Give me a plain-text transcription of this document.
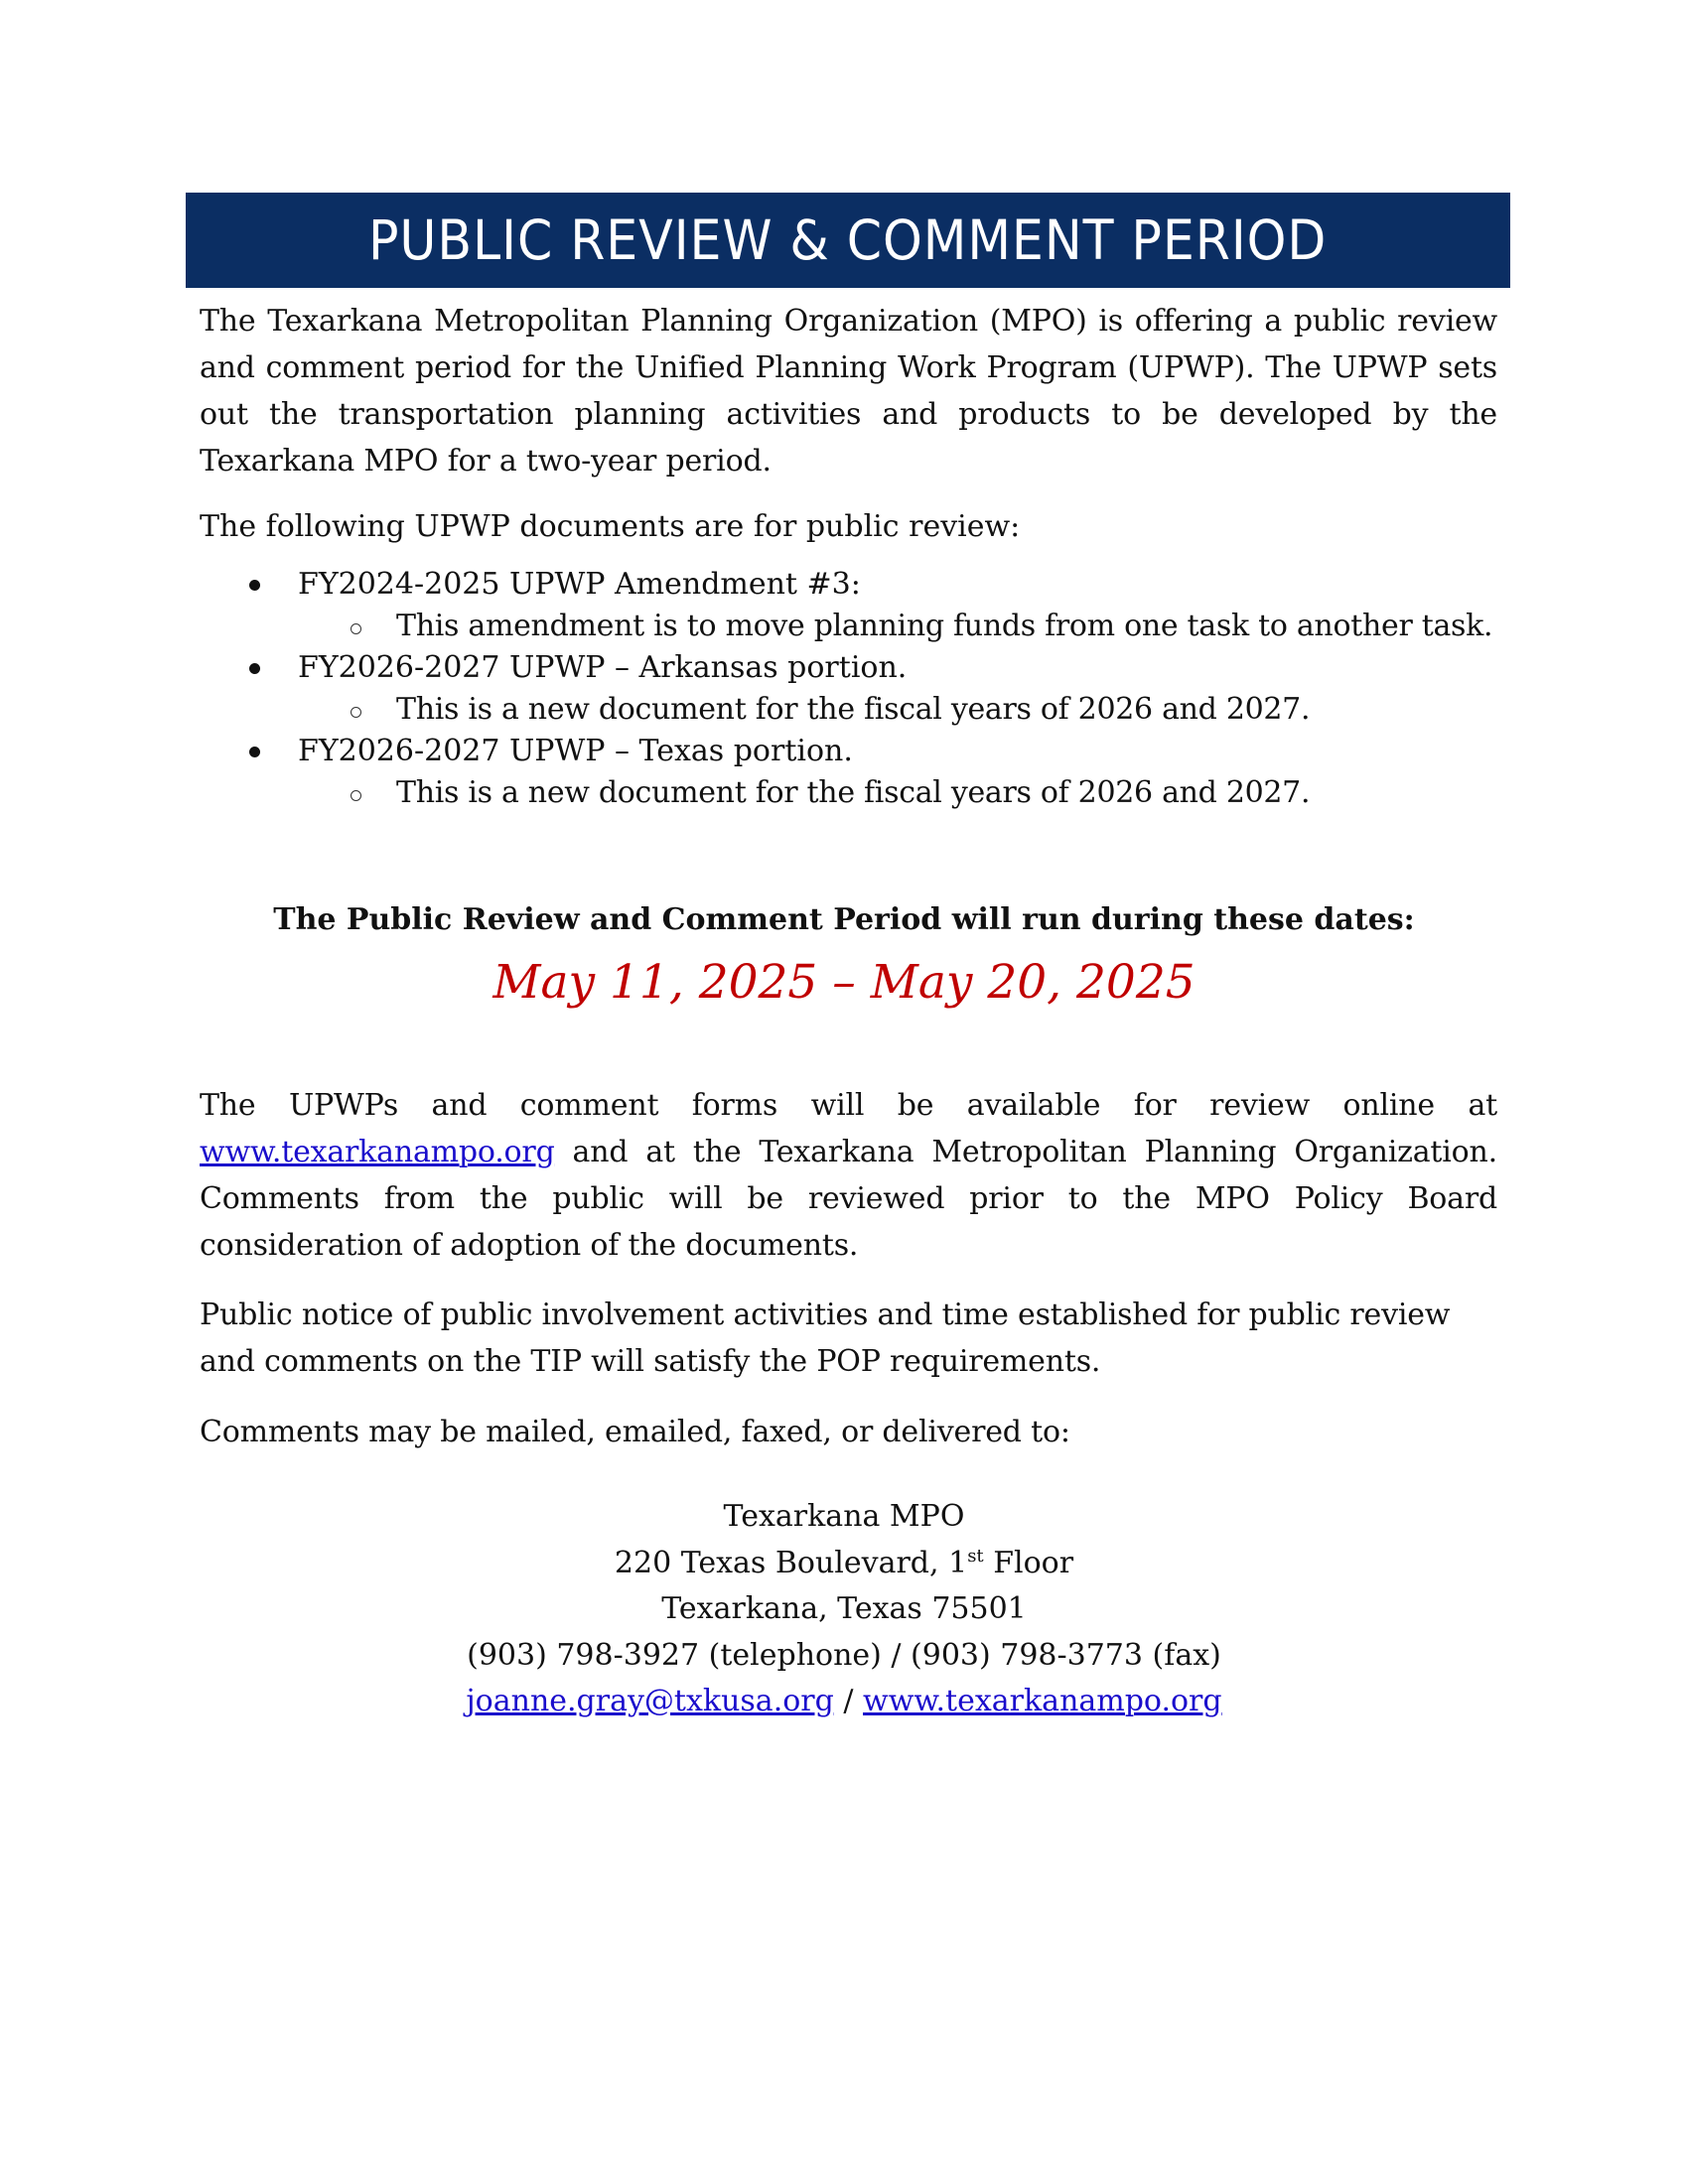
PUBLIC REVIEW & COMMENT PERIOD

The Texarkana Metropolitan Planning Organization (MPO) is offering a public review and comment period for the Unified Planning Work Program (UPWP). The UPWP sets out the transportation planning activities and products to be developed by the Texarkana MPO for a two-year period.

The following UPWP documents are for public review:

FY2024-2025 UPWP Amendment #3:
This amendment is to move planning funds from one task to another task.
FY2026-2027 UPWP – Arkansas portion.
This is a new document for the fiscal years of 2026 and 2027.
FY2026-2027 UPWP – Texas portion.
This is a new document for the fiscal years of 2026 and 2027.
The Public Review and Comment Period will run during these dates:
May 11, 2025 – May 20, 2025

The UPWPs and comment forms will be available for review online at www.texarkanampo.org and at the Texarkana Metropolitan Planning Organization. Comments from the public will be reviewed prior to the MPO Policy Board consideration of adoption of the documents.

Public notice of public involvement activities and time established for public review and comments on the TIP will satisfy the POP requirements.

Comments may be mailed, emailed, faxed, or delivered to:

Texarkana MPO
220 Texas Boulevard, 1st Floor
Texarkana, Texas 75501
(903) 798-3927 (telephone) / (903) 798-3773 (fax)
joanne.gray@txkusa.org / www.texarkanampo.org
